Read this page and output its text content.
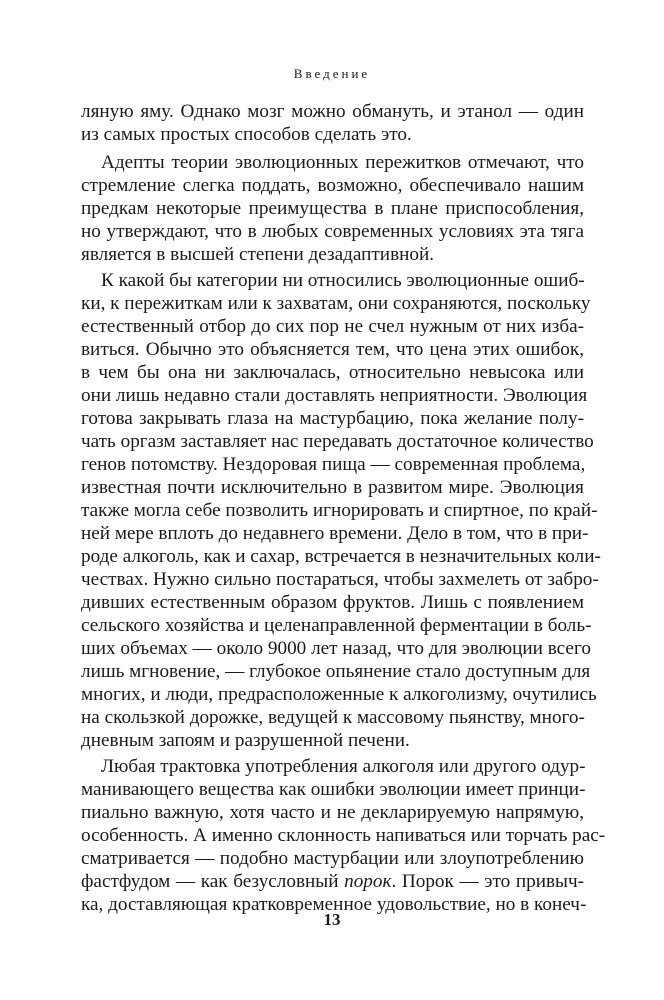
Введение
ляную яму. Однако мозг можно обмануть, и этанол — один
из самых простых способов сделать это.
Адепты теории эволюционных пережитков отмечают, что
стремление слегка поддать, возможно, обеспечивало нашим
предкам некоторые преимущества в плане приспособления,
но утверждают, что в любых современных условиях эта тяга
является в высшей степени дезадаптивной.
К какой бы категории ни относились эволюционные ошиб-
ки, к пережиткам или к захватам, они сохраняются, поскольку
естественный отбор до сих пор не счел нужным от них изба-
виться. Обычно это объясняется тем, что цена этих ошибок,
в чем бы она ни заключалась, относительно невысока или
они лишь недавно стали доставлять неприятности. Эволюция
готова закрывать глаза на мастурбацию, пока желание полу-
чать оргазм заставляет нас передавать достаточное количество
генов потомству. Нездоровая пища — современная проблема,
известная почти исключительно в развитом мире. Эволюция
также могла себе позволить игнорировать и спиртное, по край-
ней мере вплоть до недавнего времени. Дело в том, что в при-
роде алкоголь, как и сахар, встречается в незначительных коли-
чествах. Нужно сильно постараться, чтобы захмелеть от забро-
дивших естественным образом фруктов. Лишь с появлением
сельского хозяйства и целенаправленной ферментации в боль-
ших объемах — около 9000 лет назад, что для эволюции всего
лишь мгновение, — глубокое опьянение стало доступным для
многих, и люди, предрасположенные к алкоголизму, очутились
на скользкой дорожке, ведущей к массовому пьянству, много-
дневным запоям и разрушенной печени.
Любая трактовка употребления алкоголя или другого одур-
манивающего вещества как ошибки эволюции имеет принци-
пиально важную, хотя часто и не декларируемую напрямую,
особенность. А именно склонность напиваться или торчать рас-
сматривается — подобно мастурбации или злоупотреблению
фастфудом — как безусловный порок. Порок — это привыч-
ка, доставляющая кратковременное удовольствие, но в конеч-
13
